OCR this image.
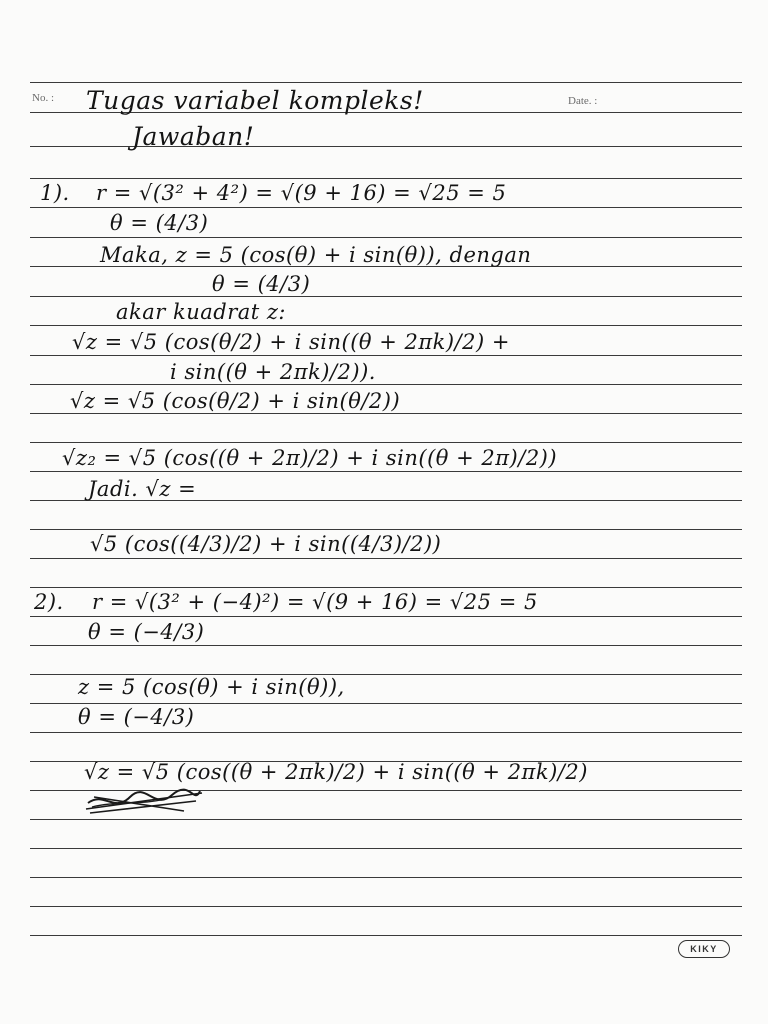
No. :	Date. :
Tugas variabel kompleks!
Jawaban!
1). r = √(3² + 4²) = √(9 + 16) = √25 = 5
θ = (4/3)
Maka, z = 5 (cos(θ) + i sin(θ)), dengan
θ = (4/3)
akar kuadrat z:
√z = √5 (cos(θ/2) + i sin((θ + 2πk)/2) +
i sin((θ + 2πk)/2)).
√z = √5 (cos(θ/2) + i sin(θ/2))
√z₂ = √5 (cos((θ + 2π)/2) + i sin((θ + 2π)/2))
Jadi. √z =
√5 (cos((4/3)/2) + i sin((4/3)/2))
2). r = √(3² + (−4)²) = √(9 + 16) = √25 = 5
θ = (−4/3)
z = 5 (cos(θ) + i sin(θ)),
θ = (−4/3)
√z = √5 (cos((θ + 2πk)/2) + i sin((θ + 2πk)/2)
KIKY
